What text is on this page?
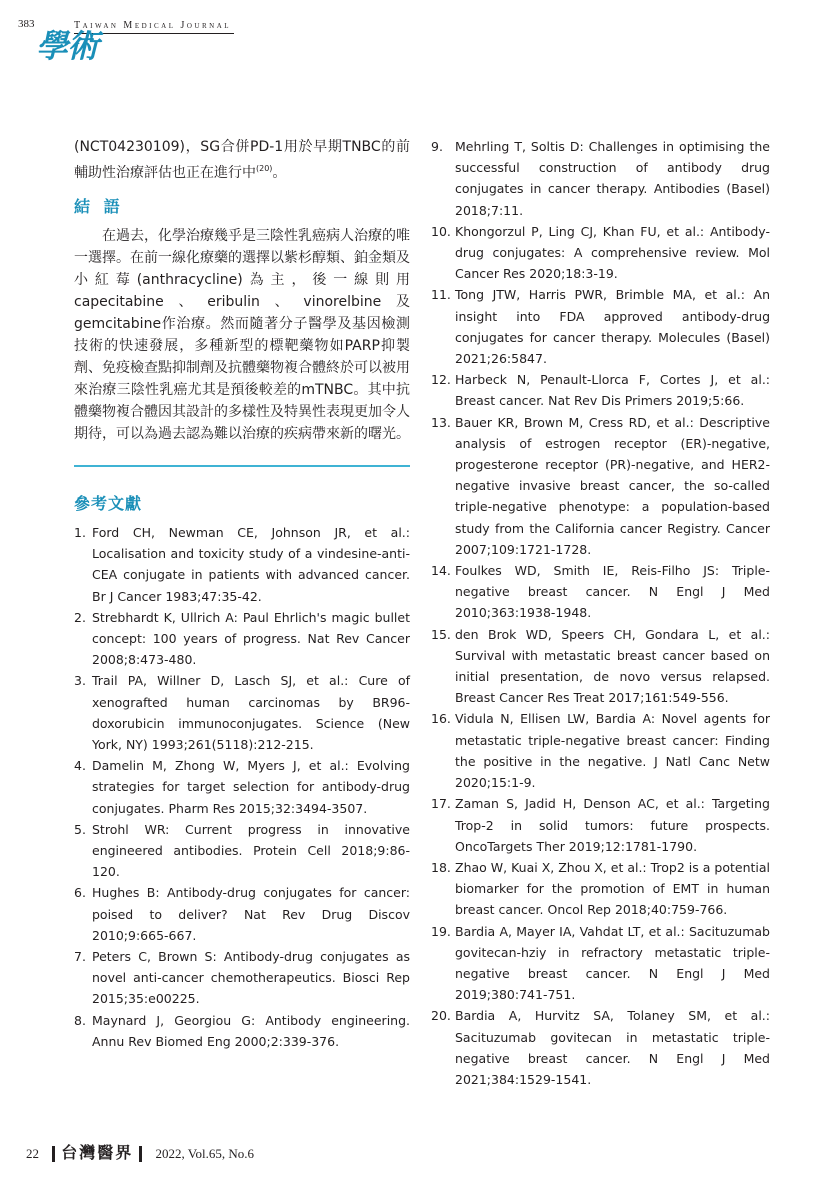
383	Taiwan Medical Journal
學術

(NCT04230109)，SG合併PD-1用於早期TNBC的前輔助性治療評估也正在進行中$^{(20)}$。

結 語

在過去，化學治療幾乎是三陰性乳癌病人治療的唯一選擇。在前一線化療藥的選擇以紫杉醇類、鉑金類及小紅莓(anthracycline)為主，後一線則用capecitabine、eribulin、vinorelbine及gemcitabine作治療。然而隨著分子醫學及基因檢測技術的快速發展，多種新型的標靶藥物如PARP抑製劑、免疫檢查點抑制劑及抗體藥物複合體終於可以被用來治療三陰性乳癌尤其是預後較差的mTNBC。其中抗體藥物複合體因其設計的多樣性及特異性表現更加令人期待，可以為過去認為難以治療的疾病帶來新的曙光。

參考文獻
1. Ford CH, Newman CE, Johnson JR, et al.: Localisation and toxicity study of a vindesine-anti-CEA conjugate in patients with advanced cancer. Br J Cancer 1983;47:35-42.
2. Strebhardt K, Ullrich A: Paul Ehrlich's magic bullet concept: 100 years of progress. Nat Rev Cancer 2008;8:473-480.
3. Trail PA, Willner D, Lasch SJ, et al.: Cure of xenografted human carcinomas by BR96-doxorubicin immunoconjugates. Science (New York, NY) 1993;261(5118):212-215.
4. Damelin M, Zhong W, Myers J, et al.: Evolving strategies for target selection for antibody-drug conjugates. Pharm Res 2015;32:3494-3507.
5. Strohl WR: Current progress in innovative engineered antibodies. Protein Cell 2018;9:86-120.
6. Hughes B: Antibody-drug conjugates for cancer: poised to deliver? Nat Rev Drug Discov 2010;9:665-667.
7. Peters C, Brown S: Antibody-drug conjugates as novel anti-cancer chemotherapeutics. Biosci Rep 2015;35:e00225.
8. Maynard J, Georgiou G: Antibody engineering. Annu Rev Biomed Eng 2000;2:339-376.
9. Mehrling T, Soltis D: Challenges in optimising the successful construction of antibody drug conjugates in cancer therapy. Antibodies (Basel) 2018;7:11.
10. Khongorzul P, Ling CJ, Khan FU, et al.: Antibody-drug conjugates: A comprehensive review. Mol Cancer Res 2020;18:3-19.
11. Tong JTW, Harris PWR, Brimble MA, et al.: An insight into FDA approved antibody-drug conjugates for cancer therapy. Molecules (Basel) 2021;26:5847.
12. Harbeck N, Penault-Llorca F, Cortes J, et al.: Breast cancer. Nat Rev Dis Primers 2019;5:66.
13. Bauer KR, Brown M, Cress RD, et al.: Descriptive analysis of estrogen receptor (ER)-negative, progesterone receptor (PR)-negative, and HER2-negative invasive breast cancer, the so-called triple-negative phenotype: a population-based study from the California cancer Registry. Cancer 2007;109:1721-1728.
14. Foulkes WD, Smith IE, Reis-Filho JS: Triple-negative breast cancer. N Engl J Med 2010;363:1938-1948.
15. den Brok WD, Speers CH, Gondara L, et al.: Survival with metastatic breast cancer based on initial presentation, de novo versus relapsed. Breast Cancer Res Treat 2017;161:549-556.
16. Vidula N, Ellisen LW, Bardia A: Novel agents for metastatic triple-negative breast cancer: Finding the positive in the negative. J Natl Canc Netw 2020;15:1-9.
17. Zaman S, Jadid H, Denson AC, et al.: Targeting Trop-2 in solid tumors: future prospects. OncoTargets Ther 2019;12:1781-1790.
18. Zhao W, Kuai X, Zhou X, et al.: Trop2 is a potential biomarker for the promotion of EMT in human breast cancer. Oncol Rep 2018;40:759-766.
19. Bardia A, Mayer IA, Vahdat LT, et al.: Sacituzumab govitecan-hziy in refractory metastatic triple-negative breast cancer. N Engl J Med 2019;380:741-751.
20. Bardia A, Hurvitz SA, Tolaney SM, et al.: Sacituzumab govitecan in metastatic triple-negative breast cancer. N Engl J Med 2021;384:1529-1541.
22 台灣醫界 2022, Vol.65, No.6
